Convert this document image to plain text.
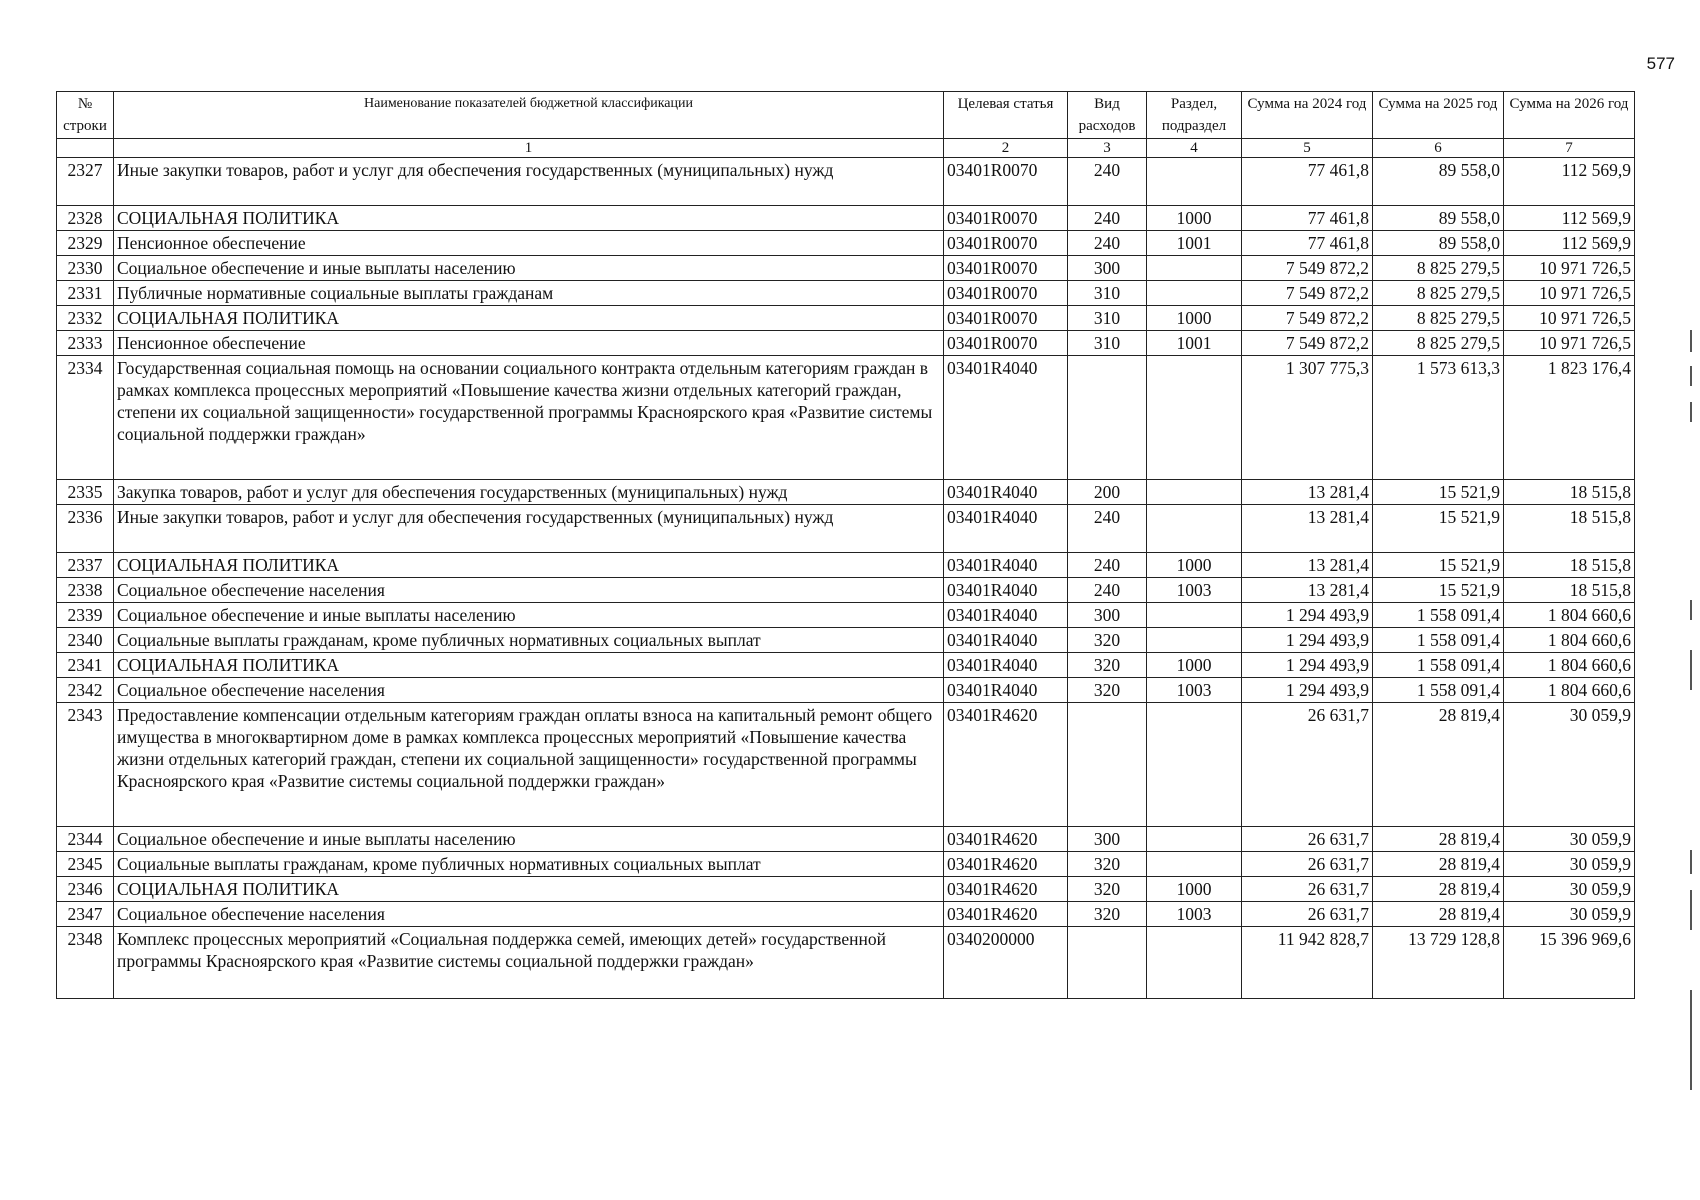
577
№ строки	Наименование показателей бюджетной классификации	Целевая статья	Вид расходов	Раздел, подраздел	Сумма на 2024 год	Сумма на 2025 год	Сумма на 2026 год
	1	2	3	4	5	6	7
2327	Иные закупки товаров, работ и услуг для обеспечения государственных (муниципальных) нужд	03401R0070	240		77 461,8	89 558,0	112 569,9
2328	СОЦИАЛЬНАЯ ПОЛИТИКА	03401R0070	240	1000	77 461,8	89 558,0	112 569,9
2329	Пенсионное обеспечение	03401R0070	240	1001	77 461,8	89 558,0	112 569,9
2330	Социальное обеспечение и иные выплаты населению	03401R0070	300		7 549 872,2	8 825 279,5	10 971 726,5
2331	Публичные нормативные социальные выплаты гражданам	03401R0070	310		7 549 872,2	8 825 279,5	10 971 726,5
2332	СОЦИАЛЬНАЯ ПОЛИТИКА	03401R0070	310	1000	7 549 872,2	8 825 279,5	10 971 726,5
2333	Пенсионное обеспечение	03401R0070	310	1001	7 549 872,2	8 825 279,5	10 971 726,5
2334	Государственная социальная помощь на основании социального контракта отдельным категориям граждан в рамках комплекса процессных мероприятий «Повышение качества жизни отдельных категорий граждан, степени их социальной защищенности» государственной программы Красноярского края «Развитие системы социальной поддержки граждан»	03401R4040			1 307 775,3	1 573 613,3	1 823 176,4
2335	Закупка товаров, работ и услуг для обеспечения государственных (муниципальных) нужд	03401R4040	200		13 281,4	15 521,9	18 515,8
2336	Иные закупки товаров, работ и услуг для обеспечения государственных (муниципальных) нужд	03401R4040	240		13 281,4	15 521,9	18 515,8
2337	СОЦИАЛЬНАЯ ПОЛИТИКА	03401R4040	240	1000	13 281,4	15 521,9	18 515,8
2338	Социальное обеспечение населения	03401R4040	240	1003	13 281,4	15 521,9	18 515,8
2339	Социальное обеспечение и иные выплаты населению	03401R4040	300		1 294 493,9	1 558 091,4	1 804 660,6
2340	Социальные выплаты гражданам, кроме публичных нормативных социальных выплат	03401R4040	320		1 294 493,9	1 558 091,4	1 804 660,6
2341	СОЦИАЛЬНАЯ ПОЛИТИКА	03401R4040	320	1000	1 294 493,9	1 558 091,4	1 804 660,6
2342	Социальное обеспечение населения	03401R4040	320	1003	1 294 493,9	1 558 091,4	1 804 660,6
2343	Предоставление компенсации отдельным категориям граждан оплаты взноса на капитальный ремонт общего имущества в многоквартирном доме в рамках комплекса процессных мероприятий «Повышение качества жизни отдельных категорий граждан, степени их социальной защищенности» государственной программы Красноярского края «Развитие системы социальной поддержки граждан»	03401R4620			26 631,7	28 819,4	30 059,9
2344	Социальное обеспечение и иные выплаты населению	03401R4620	300		26 631,7	28 819,4	30 059,9
2345	Социальные выплаты гражданам, кроме публичных нормативных социальных выплат	03401R4620	320		26 631,7	28 819,4	30 059,9
2346	СОЦИАЛЬНАЯ ПОЛИТИКА	03401R4620	320	1000	26 631,7	28 819,4	30 059,9
2347	Социальное обеспечение населения	03401R4620	320	1003	26 631,7	28 819,4	30 059,9
2348	Комплекс процессных мероприятий «Социальная поддержка семей, имеющих детей» государственной программы Красноярского края «Развитие системы социальной поддержки граждан»	0340200000			11 942 828,7	13 729 128,8	15 396 969,6
